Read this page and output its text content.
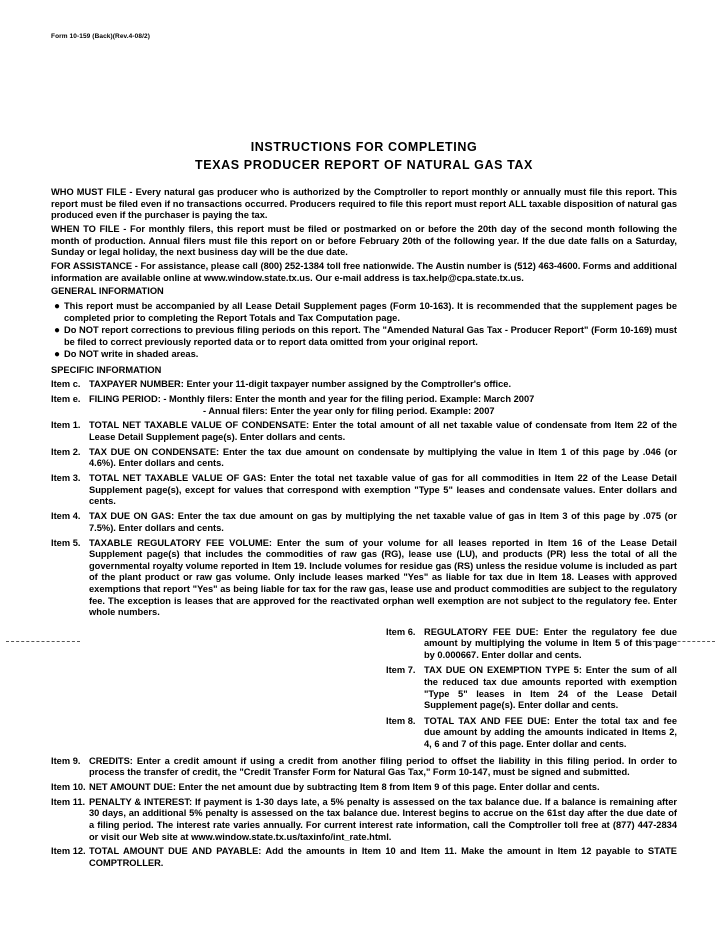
Form 10-159 (Back)(Rev.4-08/2)
INSTRUCTIONS FOR COMPLETING
TEXAS PRODUCER REPORT OF NATURAL GAS TAX
WHO MUST FILE - Every natural gas producer who is authorized by the Comptroller to report monthly or annually must file this report. This report must be filed even if no transactions occurred. Producers required to file this report must report ALL taxable disposition of natural gas produced even if the purchaser is paying the tax.
WHEN TO FILE - For monthly filers, this report must be filed or postmarked on or before the 20th day of the second month following the month of production. Annual filers must file this report on or before February 20th of the following year. If the due date falls on a Saturday, Sunday or legal holiday, the next business day will be the due date.
FOR ASSISTANCE - For assistance, please call (800) 252-1384 toll free nationwide. The Austin number is (512) 463-4600. Forms and additional information are available online at www.window.state.tx.us. Our e-mail address is tax.help@cpa.state.tx.us.
GENERAL INFORMATION
● This report must be accompanied by all Lease Detail Supplement pages (Form 10-163). It is recommended that the supplement pages be completed prior to completing the Report Totals and Tax Computation page.
● Do NOT report corrections to previous filing periods on this report. The "Amended Natural Gas Tax - Producer Report" (Form 10-169) must be filed to correct previously reported data or to report data omitted from your original report.
● Do NOT write in shaded areas.
SPECIFIC INFORMATION
Item c. TAXPAYER NUMBER: Enter your 11-digit taxpayer number assigned by the Comptroller's office.
Item e. FILING PERIOD: - Monthly filers: Enter the month and year for the filing period. Example: March 2007
- Annual filers: Enter the year only for filing period. Example: 2007
Item 1. TOTAL NET TAXABLE VALUE OF CONDENSATE: Enter the total amount of all net taxable value of condensate from Item 22 of the Lease Detail Supplement page(s). Enter dollars and cents.
Item 2. TAX DUE ON CONDENSATE: Enter the tax due amount on condensate by multiplying the value in Item 1 of this page by .046 (or 4.6%). Enter dollars and cents.
Item 3. TOTAL NET TAXABLE VALUE OF GAS: Enter the total net taxable value of gas for all commodities in Item 22 of the Lease Detail Supplement page(s), except for values that correspond with exemption "Type 5" leases and condensate values. Enter dollars and cents.
Item 4. TAX DUE ON GAS: Enter the tax due amount on gas by multiplying the net taxable value of gas in Item 3 of this page by .075 (or 7.5%). Enter dollars and cents.
Item 5. TAXABLE REGULATORY FEE VOLUME: Enter the sum of your volume for all leases reported in Item 16 of the Lease Detail Supplement page(s) that includes the commodities of raw gas (RG), lease use (LU), and products (PR) less the total of all the governmental royalty volume reported in Item 19. Include volumes for residue gas (RS) unless the residue volume is included as part of the plant product or raw gas volume. Only include leases marked "Yes" as liable for tax due in Item 18. Leases with approved exemptions that report "Yes" as being liable for tax for the raw gas, lease use and product commodities are subject to the regulatory fee. The exception is leases that are approved for the reactivated orphan well exemption are not subject to the regulatory fee. Enter whole numbers.
Item 6. REGULATORY FEE DUE: Enter the regulatory fee due amount by multiplying the volume in Item 5 of this page by 0.000667. Enter dollar and cents.
Item 7. TAX DUE ON EXEMPTION TYPE 5: Enter the sum of all the reduced tax due amounts reported with exemption "Type 5" leases in Item 24 of the Lease Detail Supplement page(s). Enter dollar and cents.
Item 8. TOTAL TAX AND FEE DUE: Enter the total tax and fee due amount by adding the amounts indicated in Items 2, 4, 6 and 7 of this page. Enter dollar and cents.
Item 9. CREDITS: Enter a credit amount if using a credit from another filing period to offset the liability in this filing period. In order to process the transfer of credit, the "Credit Transfer Form for Natural Gas Tax," Form 10-147, must be signed and submitted.
Item 10. NET AMOUNT DUE: Enter the net amount due by subtracting Item 8 from Item 9 of this page. Enter dollar and cents.
Item 11. PENALTY & INTEREST: If payment is 1-30 days late, a 5% penalty is assessed on the tax balance due. If a balance is remaining after 30 days, an additional 5% penalty is assessed on the tax balance due. Interest begins to accrue on the 61st day after the due date of a filing period. The interest rate varies annually. For current interest rate information, call the Comptroller toll free at (877) 447-2834 or visit our Web site at www.window.state.tx.us/taxinfo/int_rate.html.
Item 12. TOTAL AMOUNT DUE AND PAYABLE: Add the amounts in Item 10 and Item 11. Make the amount in Item 12 payable to STATE COMPTROLLER.
